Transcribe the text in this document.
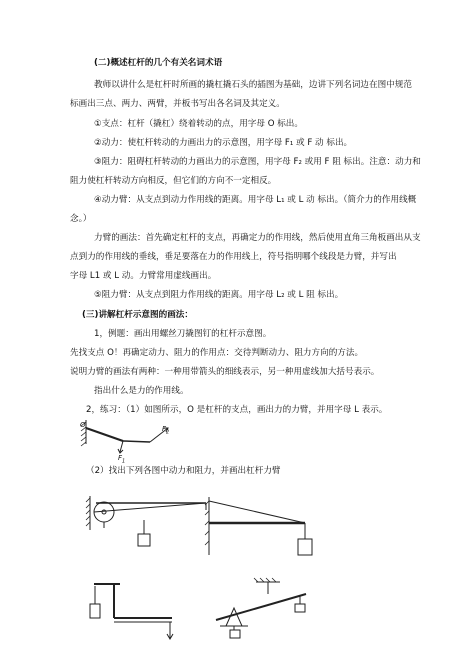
(二)概述杠杆的几个有关名词术语
教师以讲什么是杠杆时所画的撬杠撬石头的插图为基础，边讲下列名词边在图中规范
标画出三点、两力、两臂，并板书写出各名词及其定义。
①支点：杠杆（撬杠）绕着转动的点，用字母 O 标出。
②动力：使杠杆转动的力画出力的示意图，用字母 F₁ 或 F 动 标出。
③阻力：阻碍杠杆转动的力画出力的示意图，用字母 F₂ 或用 F 阻 标出。注意：动力和
阻力使杠杆转动方向相反，但它们的方向不一定相反。
④动力臂：从支点到动力作用线的距离。用字母 L₁ 或 L 动 标出。（简介力的作用线概
念。）
力臂的画法：首先确定杠杆的支点，再确定力的作用线，然后使用直角三角板画出从支
点到力的作用线的垂线，垂足要落在力的作用线上，符号指明哪个线段是力臂，并写出
字母 L1 或 L 动。力臂常用虚线画出。
⑤阻力臂：从支点到阻力作用线的距离。用字母 L₂ 或 L 阻 标出。
(三)讲解杠杆示意图的画法：
1，例题：画出用螺丝刀撬图钉的杠杆示意图。
先找支点 O！再确定动力、阻力的作用点：交待判断动力、阻力方向的方法。
说明力臂的画法有两种：一种用带箭头的细线表示，另一种用虚线加大括号表示。
指出什么是力的作用线。
2，练习：（1）如图所示，O 是杠杆的支点，画出力的力臂，并用字母 L 表示。
O
$F_1$
$F_2$
（2）找出下列各图中动力和阻力，并画出杠杆力臂
